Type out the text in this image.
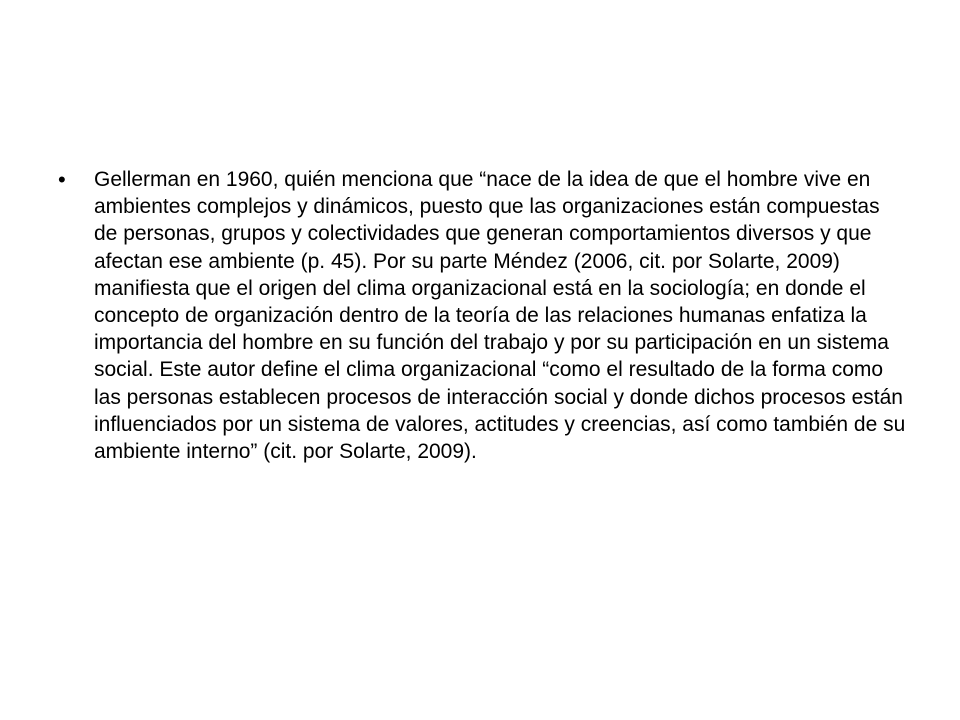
•	Gellerman en 1960, quién menciona que “nace de la idea de que el hombre vive en ambientes complejos y dinámicos, puesto que las organizaciones están compuestas de personas, grupos y colectividades que generan comportamientos diversos y que afectan ese ambiente (p. 45). Por su parte Méndez (2006, cit. por Solarte, 2009) manifiesta que el origen del clima organizacional está en la sociología; en donde el concepto de organización dentro de la teoría de las relaciones humanas enfatiza la importancia del hombre en su función del trabajo y por su participación en un sistema social. Este autor define el clima organizacional “como el resultado de la forma como las personas establecen procesos de interacción social y donde dichos procesos están influenciados por un sistema de valores, actitudes y creencias, así como también de su ambiente interno” (cit. por Solarte, 2009).
